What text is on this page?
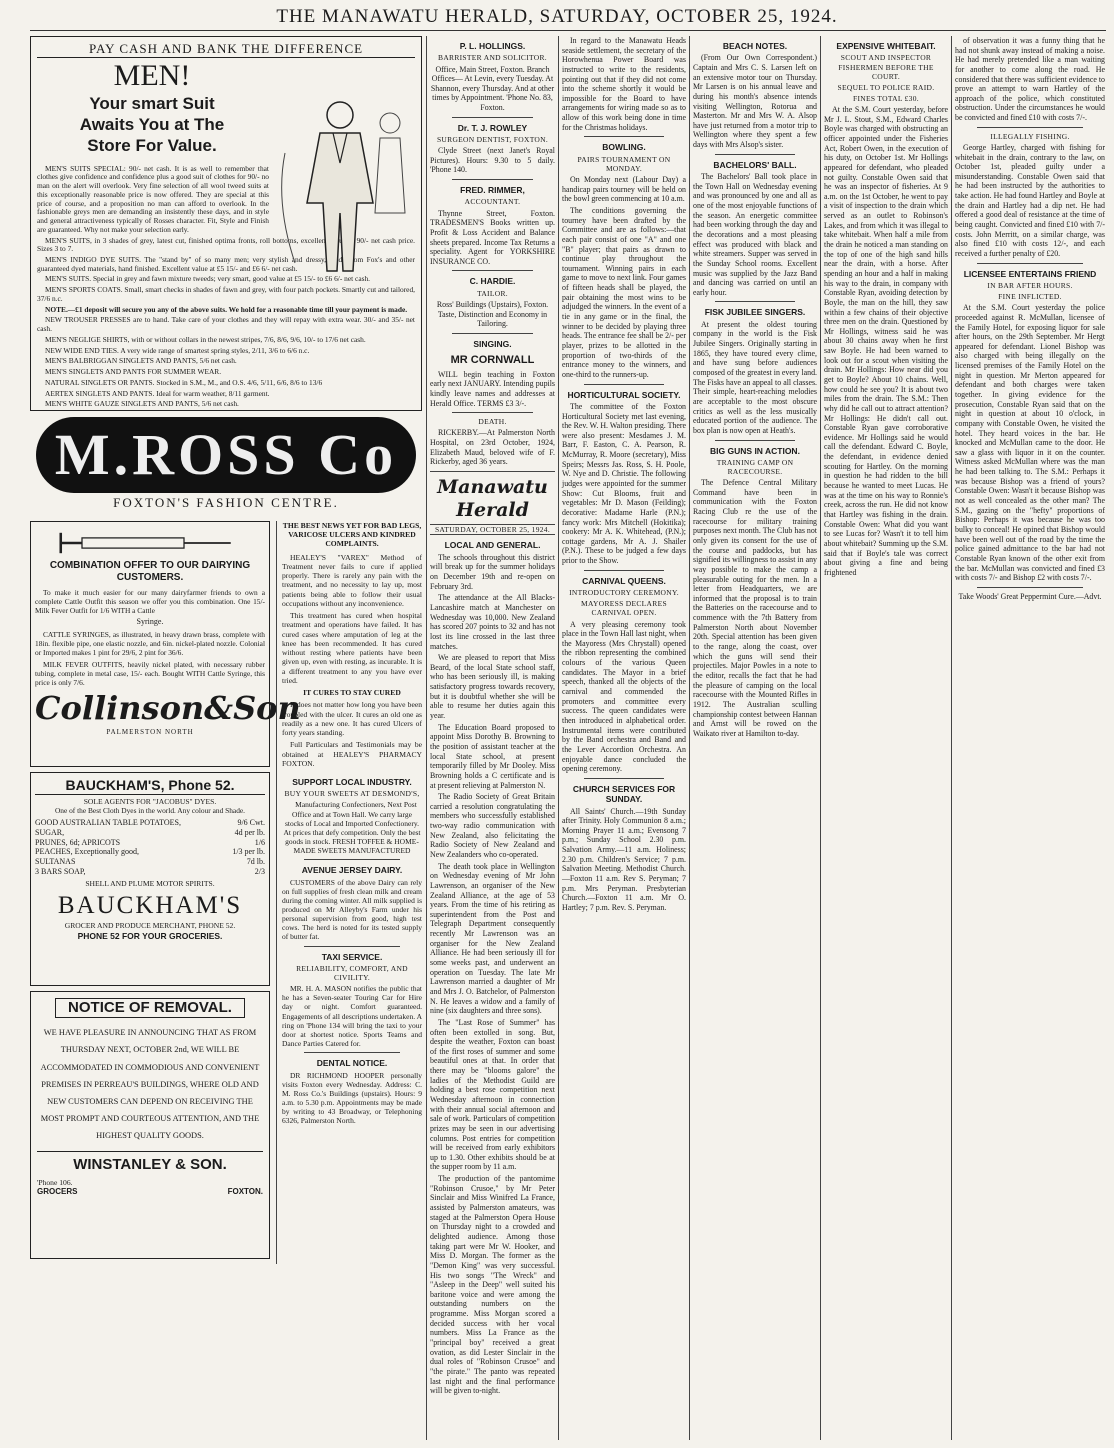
THE MANAWATU HERALD, SATURDAY, OCTOBER 25, 1924.
PAY CASH AND BANK THE DIFFERENCE
MEN!
Your smart Suit
Awaits You at The
Store For Value.

MEN'S SUITS SPECIAL: 90/- net cash. It is as well to remember that clothes give confidence and confidence plus a good suit of clothes for 90/- no man on the alert will overlook. Very fine selection of all wool tweed suits at this exceptionally reasonable price is now offered. They are special at this price of course, and a proposition no man can afford to overlook. In the fashionable greys men are demanding an insistently these days, and in style and general attractiveness typically of Rosses character. Fit, Style and Finish are guaranteed. Why not make your selection early.

MEN'S SUITS, in 3 shades of grey, latest cut, finished optima fronts, roll bottoms, excellent value at 90/- net cash price. Sizes 3 to 7.

MEN'S INDIGO DYE SUITS. The "stand by" of so many men; very stylish and dressy, made from Fox's and other guaranteed dyed materials, hand finished. Excellent value at £5 15/- and £6 6/- net cash.

MEN'S SUITS. Special in grey and fawn mixture tweeds; very smart, good value at £5 15/- to £6 6/- net cash.

MEN'S SPORTS COATS. Small, smart checks in shades of fawn and grey, with four patch pockets. Smartly cut and tailored, 37/6 n.c.

NOTE.—£1 deposit will secure you any of the above suits. We hold for a reasonable time till your payment is made.

NEW TROUSER PRESSES are to hand. Take care of your clothes and they will repay with extra wear. 30/- and 35/- net cash.

MEN'S NEGLIGE SHIRTS, with or without collars in the newest stripes, 7/6, 8/6, 9/6, 10/- to 17/6 net cash.

NEW WIDE END TIES. A very wide range of smartest spring styles, 2/11, 3/6 to 6/6 n.c.

MEN'S BALBRIGGAN SINGLETS AND PANTS, 5/6 net cash.

MEN'S SINGLETS AND PANTS FOR SUMMER WEAR.

NATURAL SINGLETS OR PANTS. Stocked in S.M., M., and O.S. 4/6, 5/11, 6/6, 8/6 to 13/6

AERTEX SINGLETS AND PANTS. Ideal for warm weather, 8/11 garment.

MEN'S WHITE GAUZE SINGLETS AND PANTS, 5/6 net cash.

M.ROSS Co
FOXTON'S FASHION CENTRE.
COMBINATION OFFER TO OUR DAIRYING
CUSTOMERS.

To make it much easier for our many dairyfarmer friends to own a complete Cattle Outfit this season we offer you this combination. One 15/- Milk Fever Outfit for 1/6 WITH a Cattle

Syringe.

CATTLE SYRINGES, as illustrated, in heavy drawn brass, complete with 18in. flexible pipe, one elastic nozzle, and 6in. nickel-plated nozzle. Colonial or Imported makes 1 pint for 29/6, 2 pint for 36/6.

MILK FEVER OUTFITS, heavily nickel plated, with necessary rubber tubing, complete in metal case, 15/- each. Bought WITH Cattle Syringe, this price is only 7/6.

Collinson&Son
PALMERSTON NORTH
THE BEST NEWS YET FOR BAD LEGS, VARICOSE ULCERS AND KINDRED COMPLAINTS.

HEALEY'S "VAREX" Method of Treatment never fails to cure if applied properly. There is rarely any pain with the treatment, and no necessity to lay up, most patients being able to follow their usual occupations without any inconvenience.

This treatment has cured when hospital treatment and operations have failed. It has cured cases where amputation of leg at the knee has been recommended. It has cured without resting where patients have been given up, even with resting, as incurable. It is a different treatment to any you have ever tried.

IT CURES TO STAY CURED

It does not matter how long you have been troubled with the ulcer. It cures an old one as readily as a new one. It has cured Ulcers of forty years standing.

Full Particulars and Testimonials may be obtained at HEALEY'S PHARMACY FOXTON.

BAUCKHAM'S, Phone 52.
SOLE AGENTS FOR "JACOBUS" DYES.
One of the Best Cloth Dyes in the world. Any colour and Shade.
GOOD AUSTRALIAN TABLE POTATOES,	9/6 Cwt.
SUGAR,	4d per lb.
PRUNES, 6d; APRICOTS	1/6
PEACHES, Exceptionally good,	1/3 per lb.
SULTANAS	7d lb.
3 BARS SOAP,	2/3
SHELL AND PLUME MOTOR SPIRITS.
BAUCKHAM'S
GROCER AND PRODUCE MERCHANT, PHONE 52.
PHONE 52 FOR YOUR GROCERIES.
NOTICE OF REMOVAL.
WE HAVE PLEASURE IN ANNOUNCING THAT AS FROM THURSDAY NEXT, OCTOBER 2nd, WE WILL BE ACCOMMODATED IN COMMODIOUS AND CONVENIENT PREMISES IN PERREAU'S BUILDINGS, WHERE OLD AND NEW CUSTOMERS CAN DEPEND ON RECEIVING THE MOST PROMPT AND COURTEOUS ATTENTION, AND THE HIGHEST QUALITY GOODS.
WINSTANLEY & SON.
'Phone 106.
GROCERS	FOXTON.
SUPPORT LOCAL INDUSTRY.
BUY YOUR SWEETS AT DESMOND'S,

Manufacturing Confectioners, Next Post Office and at Town Hall. We carry large stocks of Local and Imported Confectionery. At prices that defy competition. Only the best goods in stock. FRESH TOFFEE & HOME-MADE SWEETS MANUFACTURED

AVENUE JERSEY DAIRY.

CUSTOMERS of the above Dairy can rely on full supplies of fresh clean milk and cream during the coming winter. All milk supplied is produced on Mr Alleyby's Farm under his personal supervision from good, high test cows. The herd is noted for its tested supply of butter fat.

TAXI SERVICE.
RELIABILITY, COMFORT, AND CIVILITY.

MR. H. A. MASON notifies the public that he has a Seven-seater Touring Car for Hire day or night. Comfort guaranteed. Engagements of all descriptions undertaken. A ring on 'Phone 134 will bring the taxi to your door at shortest notice. Sports Teams and Dance Parties Catered for.

DENTAL NOTICE.

DR RICHMOND HOOPER personally visits Foxton every Wednesday. Address: C. M. Ross Co.'s Buildings (upstairs). Hours: 9 a.m. to 5.30 p.m. Appointments may be made by writing to 43 Broadway, or Telephoning 6326, Palmerston North.

P. L. HOLLINGS.
BARRISTER AND SOLICITOR.

Office, Main Street, Foxton. Branch Offices— At Levin, every Tuesday. At Shannon, every Thursday. And at other times by Appointment. 'Phone No. 83, Foxton.

Dr. T. J. ROWLEY
SURGEON DENTIST, FOXTON.

Clyde Street (next Janet's Royal Pictures). Hours: 9.30 to 5 daily. 'Phone 140.

FRED. RIMMER,
ACCOUNTANT.

Thynne Street, Foxton. TRADESMEN'S Books written up. Profit & Loss Accident and Balance sheets prepared. Income Tax Returns a speciality. Agent for YORKSHIRE INSURANCE CO.

C. HARDIE.
TAILOR.

Ross' Buildings (Upstairs), Foxton. Taste, Distinction and Economy in Tailoring.

SINGING.
MR CORNWALL

WILL begin teaching in Foxton early next JANUARY. Intending pupils kindly leave names and addresses at Herald Office. TERMS £3 3/-.

DEATH.

RICKERBY.—At Palmerston North Hospital, on 23rd October, 1924, Elizabeth Maud, beloved wife of F. Rickerby, aged 36 years.

Manawatu Herald
SATURDAY, OCTOBER 25, 1924.
LOCAL AND GENERAL.

The schools throughout this district will break up for the summer holidays on December 19th and re-open on February 3rd.

The attendance at the All Blacks-Lancashire match at Manchester on Wednesday was 10,000. New Zealand has scored 207 points to 32 and has not lost its line crossed in the last three matches.

We are pleased to report that Miss Beard, of the local State school staff, who has been seriously ill, is making satisfactory progress towards recovery, but it is doubtful whether she will be able to resume her duties again this year.

The Education Board proposed to appoint Miss Dorothy B. Browning to the position of assistant teacher at the local State school, at present temporarily filled by Mr Dooley. Miss Browning holds a C certificate and is at present relieving at Palmerston N.

The Radio Society of Great Britain carried a resolution congratulating the members who successfully established two-way radio communication with New Zealand, also felicitating the Radio Society of New Zealand and New Zealanders who co-operated.

The death took place in Wellington on Wednesday evening of Mr John Lawrenson, an organiser of the New Zealand Alliance, at the age of 53 years. From the time of his retiring as superintendent from the Post and Telegraph Department consequently recently Mr Lawrenson was an organiser for the New Zealand Alliance. He had been seriously ill for some weeks past, and underwent an operation on Tuesday. The late Mr Lawrenson married a daughter of Mr and Mrs J. O. Batchelor, of Palmerston N. He leaves a widow and a family of nine (six daughters and three sons).

The "Last Rose of Summer" has often been extolled in song. But, despite the weather, Foxton can boast of the first roses of summer and some beautiful ones at that. In order that there may be "blooms galore" the ladies of the Methodist Guild are holding a best rose competition next Wednesday afternoon in connection with their annual social afternoon and sale of work. Particulars of competition prizes may be seen in our advertising columns. Post entries for competition will be received from early exhibitors up to 1.30. Other exhibits should be at the supper room by 11 a.m.

The production of the pantomime "Robinson Crusoe," by Mr Peter Sinclair and Miss Winifred La France, assisted by Palmerston amateurs, was staged at the Palmerston Opera House on Thursday night to a crowded and delighted audience. Among those taking part were Mr W. Hooker, and Miss D. Morgan. The former as the "Demon King" was very successful. His two songs "The Wreck" and "Asleep in the Deep" well suited his baritone voice and were among the outstanding numbers on the programme. Miss Morgan scored a decided success with her vocal numbers. Miss La France as the "principal boy" received a great ovation, as did Lester Sinclair in the dual roles of "Robinson Crusoe" and "the pirate." The panto was repeated last night and the final performance will be given to-night.

In regard to the Manawatu Heads seaside settlement, the secretary of the Horowhenua Power Board was instructed to write to the residents, pointing out that if they did not come into the scheme shortly it would be impossible for the Board to have arrangements for wiring made so as to allow of this work being done in time for the Christmas holidays.

BOWLING.
PAIRS TOURNAMENT ON MONDAY.

On Monday next (Labour Day) a handicap pairs tourney will be held on the bowl green commencing at 10 a.m.

The conditions governing the tourney have been drafted by the Committee and are as follows:—that each pair consist of one "A" and one "B" player; that pairs as drawn to continue play throughout the tournament. Winning pairs in each game to move to next link. Four games of fifteen heads shall be played, the pair obtaining the most wins to be adjudged the winners. In the event of a tie in any game or in the final, the winner to be decided by playing three heads. The entrance fee shall be 2/- per player, prizes to be allotted in the proportion of two-thirds of the entrance money to the winners, and one-third to the runners-up.

HORTICULTURAL SOCIETY.

The committee of the Foxton Horticultural Society met last evening, the Rev. W. H. Walton presiding. There were also present: Mesdames J. M. Barr, F. Easton, C. A. Pearson, R. McMurray, R. Moore (secretary), Miss Speirs; Messrs Jas. Ross, S. H. Poole, W. Nye and D. Christie. The following judges were appointed for the summer Show: Cut Blooms, fruit and vegetables: Mr D. Mason (Feilding); decorative: Madame Harle (P.N.); fancy work: Mrs Mitchell (Hokitika); cookery: Mr A. K. Whitehead, (P.N.); cottage gardens, Mr A. J. Shailer (P.N.). These to be judged a few days prior to the Show.

CARNIVAL QUEENS.
INTRODUCTORY CEREMONY.
MAYORESS DECLARES CARNIVAL OPEN.

A very pleasing ceremony took place in the Town Hall last night, when the Mayoress (Mrs Chrystall) opened the ribbon representing the combined colours of the various Queen candidates. The Mayor in a brief speech, thanked all the objects of the carnival and commended the promoters and committee every success. The queen candidates were then introduced in alphabetical order. Instrumental items were contributed by the Band orchestra and Band and the Lever Accordion Orchestra. An enjoyable dance concluded the opening ceremony.

CHURCH SERVICES FOR SUNDAY.

All Saints' Church.—19th Sunday after Trinity. Holy Communion 8 a.m.; Morning Prayer 11 a.m.; Evensong 7 p.m.; Sunday School 2.30 p.m. Salvation Army.—11 a.m. Holiness; 2.30 p.m. Children's Service; 7 p.m. Salvation Meeting. Methodist Church.—Foxton 11 a.m. Rev S. Peryman; 7 p.m. Mrs Peryman. Presbyterian Church.—Foxton 11 a.m. Mr O. Hartley; 7 p.m. Rev. S. Peryman.

BEACH NOTES.

(From Our Own Correspondent.) Captain and Mrs C. S. Larsen left on an extensive motor tour on Thursday. Mr Larsen is on his annual leave and during his month's absence intends visiting Wellington, Rotorua and Masterton. Mr and Mrs W. A. Alsop have just returned from a motor trip to Wellington where they spent a few days with Mrs Alsop's sister.

BACHELORS' BALL.

The Bachelors' Ball took place in the Town Hall on Wednesday evening and was pronounced by one and all as one of the most enjoyable functions of the season. An energetic committee had been working through the day and the decorations and a most pleasing effect was produced with black and white streamers. Supper was served in the Sunday School rooms. Excellent music was supplied by the Jazz Band and dancing was carried on until an early hour.

FISK JUBILEE SINGERS.

At present the oldest touring company in the world is the Fisk Jubilee Singers. Originally starting in 1865, they have toured every clime, and have sung before audiences composed of the greatest in every land. The Fisks have an appeal to all classes. Their simple, heart-reaching melodies are acceptable to the most obscure critics as well as the less musically educated portion of the audience. The box plan is now open at Heath's.

BIG GUNS IN ACTION.
TRAINING CAMP ON RACECOURSE.

The Defence Central Military Command have been in communication with the Foxton Racing Club re the use of the racecourse for military training purposes next month. The Club has not only given its consent for the use of the course and paddocks, but has signified its willingness to assist in any way possible to make the camp a pleasurable outing for the men. In a letter from Headquarters, we are informed that the proposal is to train the Batteries on the racecourse and to commence with the 7th Battery from Palmerston North about November 20th. Special attention has been given to the range, along the coast, over which the guns will send their projectiles. Major Powles in a note to the editor, recalls the fact that he had the pleasure of camping on the local racecourse with the Mounted Rifles in 1912. The Australian sculling championship contest between Hannan and Arnst will be rowed on the Waikato river at Hamilton to-day.

EXPENSIVE WHITEBAIT.
SCOUT AND INSPECTOR FISHERMEN BEFORE THE COURT.
SEQUEL TO POLICE RAID.
FINES TOTAL £30.

At the S.M. Court yesterday, before Mr J. L. Stout, S.M., Edward Charles Boyle was charged with obstructing an officer appointed under the Fisheries Act, Robert Owen, in the execution of his duty, on October 1st. Mr Hollings appeared for defendant, who pleaded not guilty. Constable Owen said that he was an inspector of fisheries. At 9 a.m. on the 1st October, he went to pay a visit of inspection to the drain which served as an outlet to Robinson's Lakes, and from which it was illegal to take whitebait. When half a mile from the drain he noticed a man standing on the top of one of the high sand hills near the drain, with a horse. After spending an hour and a half in making his way to the drain, in company with Constable Ryan, avoiding detection by Boyle, the man on the hill, they saw within a few chains of their objective three men on the drain. Questioned by Mr Hollings, witness said he was about 30 chains away when he first saw Boyle. He had been warned to look out for a scout when visiting the drain. Mr Hollings: How near did you get to Boyle? About 10 chains. Well, how could he see you? It is about two miles from the drain. The S.M.: Then why did he call out to attract attention? Mr Hollings: He didn't call out. Constable Ryan gave corroborative evidence. Mr Hollings said he would call the defendant. Edward C. Boyle, the defendant, in evidence denied scouting for Hartley. On the morning in question he had ridden to the bill because he wanted to meet Lucas. He was at the time on his way to Ronnie's creek, across the run. He did not know that Hartley was fishing in the drain. Constable Owen: What did you want to see Lucas for? Wasn't it to tell him about whitebait? Summing up the S.M. said that if Boyle's tale was correct about giving a fine and being frightened

of observation it was a funny thing that he had not shunk away instead of making a noise. He had merely pretended like a man waiting for another to come along the road. He considered that there was sufficient evidence to prove an attempt to warn Hartley of the approach of the police, which constituted obstruction. Under the circumstances he would be convicted and fined £10 with costs 7/-.

ILLEGALLY FISHING.

George Hartley, charged with fishing for whitebait in the drain, contrary to the law, on October 1st, pleaded guilty under a misunderstanding. Constable Owen said that he had been instructed by the authorities to take action. He had found Hartley and Boyle at the drain and Hartley had a dip net. He had offered a good deal of resistance at the time of being caught. Convicted and fined £10 with 7/- costs. John Merritt, on a similar charge, was also fined £10 with costs 12/-, and each received a further penalty of £20.

LICENSEE ENTERTAINS FRIEND
IN BAR AFTER HOURS.
FINE INFLICTED.

At the S.M. Court yesterday the police proceeded against R. McMullan, licensee of the Family Hotel, for exposing liquor for sale after hours, on the 29th September. Mr Hergt appeared for defendant. Lionel Bishop was also charged with being illegally on the licensed premises of the Family Hotel on the night in question. Mr Merton appeared for defendant and both charges were taken together. In giving evidence for the prosecution, Constable Ryan said that on the night in question at about 10 o'clock, in company with Constable Owen, he visited the hotel. They heard voices in the bar. He knocked and McMullan came to the door. He saw a glass with liquor in it on the counter. Witness asked McMullan where was the man he had been talking to. The S.M.: Perhaps it was because Bishop was a friend of yours? Constable Owen: Wasn't it because Bishop was not as well concealed as the other man? The S.M., gazing on the "hefty" proportions of Bishop: Perhaps it was because he was too bulky to conceal! He opined that Bishop would have been well out of the road by the time the police gained admittance to the bar had not Constable Ryan known of the other exit from the bar. McMullan was convicted and fined £3 with costs 7/- and Bishop £2 with costs 7/-.

Take Woods' Great Peppermint Cure.—Advt.
